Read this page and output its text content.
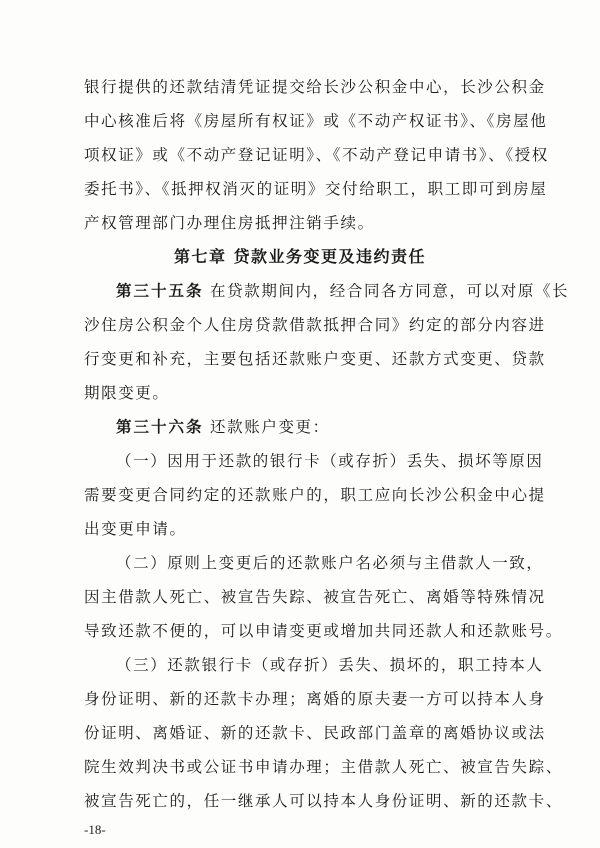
银行提供的还款结清凭证提交给长沙公积金中心，长沙公积金
中心核准后将《房屋所有权证》或《不动产权证书》、《房屋他
项权证》或《不动产登记证明》、《不动产登记申请书》、《授权
委托书》、《抵押权消灭的证明》交付给职工，职工即可到房屋
产权管理部门办理住房抵押注销手续。
第七章 贷款业务变更及违约责任
第三十五条 在贷款期间内，经合同各方同意，可以对原《长
沙住房公积金个人住房贷款借款抵押合同》约定的部分内容进
行变更和补充，主要包括还款账户变更、还款方式变更、贷款
期限变更。
第三十六条 还款账户变更：
（一）因用于还款的银行卡（或存折）丢失、损坏等原因
需要变更合同约定的还款账户的，职工应向长沙公积金中心提
出变更申请。
（二）原则上变更后的还款账户名必须与主借款人一致，
因主借款人死亡、被宣告失踪、被宣告死亡、离婚等特殊情况
导致还款不便的，可以申请变更或增加共同还款人和还款账号。
（三）还款银行卡（或存折）丢失、损坏的，职工持本人
身份证明、新的还款卡办理；离婚的原夫妻一方可以持本人身
份证明、离婚证、新的还款卡、民政部门盖章的离婚协议或法
院生效判决书或公证书申请办理；主借款人死亡、被宣告失踪、
被宣告死亡的，任一继承人可以持本人身份证明、新的还款卡、
-18-
